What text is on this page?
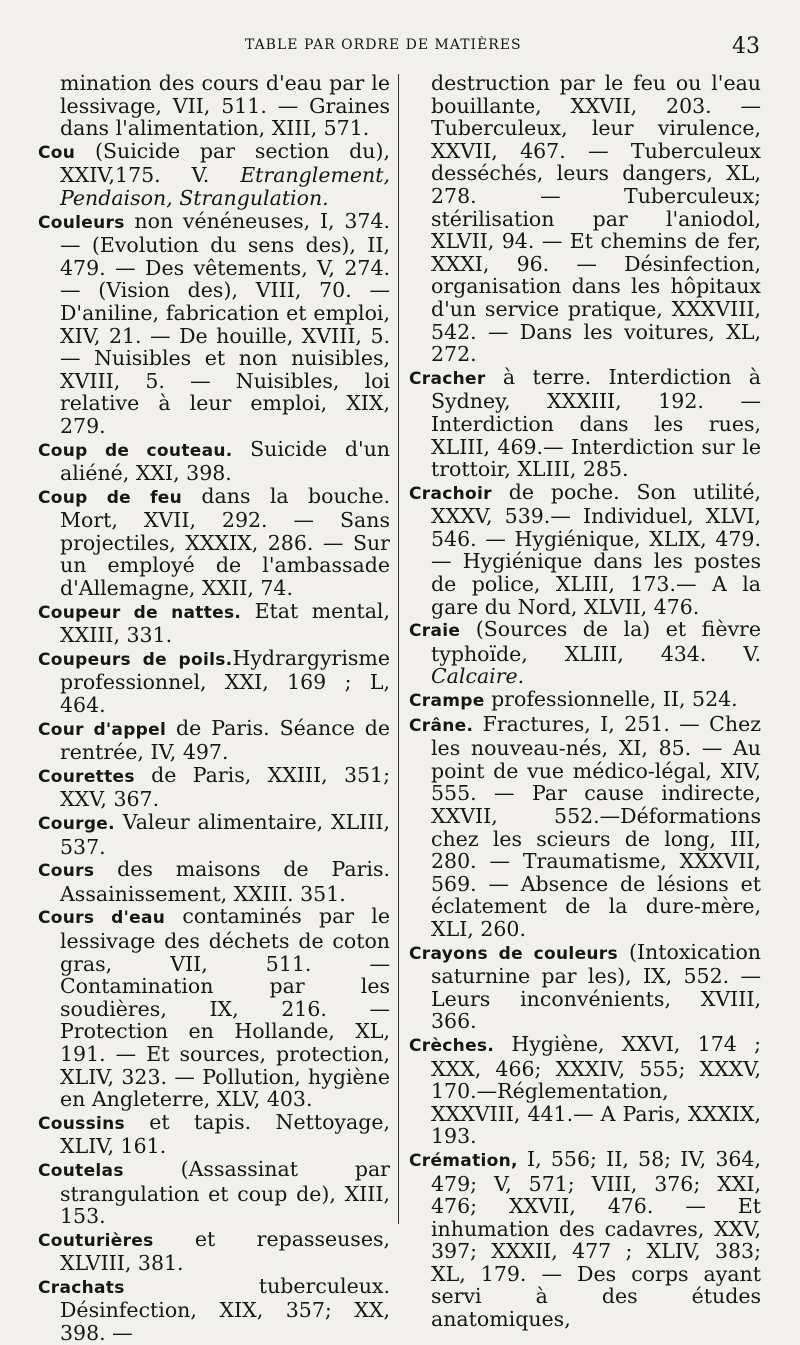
TABLE PAR ORDRE DE MATIÈRES	43
mination des cours d'eau par le lessivage, VII, 511. — Graines dans l'alimentation, XIII, 571.
Cou (Suicide par section du), XXIV,175. V. Etranglement, Pendaison, Strangulation.
Couleurs non vénéneuses, I, 374. — (Evolution du sens des), II, 479. — Des vêtements, V, 274. — (Vision des), VIII, 70. — D'aniline, fabrication et emploi, XIV, 21. — De houille, XVIII, 5. — Nuisibles et non nuisibles, XVIII, 5. — Nuisibles, loi relative à leur emploi, XIX, 279.
Coup de couteau. Suicide d'un aliéné, XXI, 398.
Coup de feu dans la bouche. Mort, XVII, 292. — Sans projectiles, XXXIX, 286. — Sur un employé de l'ambassade d'Allemagne, XXII, 74.
Coupeur de nattes. Etat mental, XXIII, 331.
Coupeurs de poils.Hydrargyrisme professionnel, XXI, 169 ; L, 464.
Cour d'appel de Paris. Séance de rentrée, IV, 497.
Courettes de Paris, XXIII, 351; XXV, 367.
Courge. Valeur alimentaire, XLIII, 537.
Cours des maisons de Paris. Assainissement, XXIII. 351.
Cours d'eau contaminés par le lessivage des déchets de coton gras, VII, 511. — Contamination par les soudières, IX, 216. — Protection en Hollande, XL, 191. — Et sources, protection, XLIV, 323. — Pollution, hygiène en Angleterre, XLV, 403.
Coussins et tapis. Nettoyage, XLIV, 161.
Coutelas (Assassinat par strangulation et coup de), XIII, 153.
Couturières et repasseuses, XLVIII, 381.
Crachats tuberculeux. Désinfection, XIX, 357; XX, 398. —
destruction par le feu ou l'eau bouillante, XXVII, 203. — Tuberculeux, leur virulence, XXVII, 467. — Tuberculeux desséchés, leurs dangers, XL, 278. — Tuberculeux; stérilisation par l'aniodol, XLVII, 94. — Et chemins de fer, XXXI, 96. — Désinfection, organisation dans les hôpitaux d'un service pratique, XXXVIII, 542. — Dans les voitures, XL, 272.
Cracher à terre. Interdiction à Sydney, XXXIII, 192. — Interdiction dans les rues, XLIII, 469.— Interdiction sur le trottoir, XLIII, 285.
Crachoir de poche. Son utilité, XXXV, 539.— Individuel, XLVI, 546. — Hygiénique, XLIX, 479. — Hygiénique dans les postes de police, XLIII, 173.— A la gare du Nord, XLVII, 476.
Craie (Sources de la) et fièvre typhoïde, XLIII, 434. V. Calcaire.
Crampe professionnelle, II, 524.
Crâne. Fractures, I, 251. — Chez les nouveau-nés, XI, 85. — Au point de vue médico-légal, XIV, 555. — Par cause indirecte, XXVII, 552.—Déformations chez les scieurs de long, III, 280. — Traumatisme, XXXVII, 569. — Absence de lésions et éclatement de la dure-mère, XLI, 260.
Crayons de couleurs (Intoxication saturnine par les), IX, 552. — Leurs inconvénients, XVIII, 366.
Crèches. Hygiène, XXVI, 174 ; XXX, 466; XXXIV, 555; XXXV, 170.—Réglementation, XXXVIII, 441.— A Paris, XXXIX, 193.
Crémation, I, 556; II, 58; IV, 364, 479; V, 571; VIII, 376; XXI, 476; XXVII, 476. — Et inhumation des cadavres, XXV, 397; XXXII, 477 ; XLIV, 383; XL, 179. — Des corps ayant servi à des études anatomiques,
